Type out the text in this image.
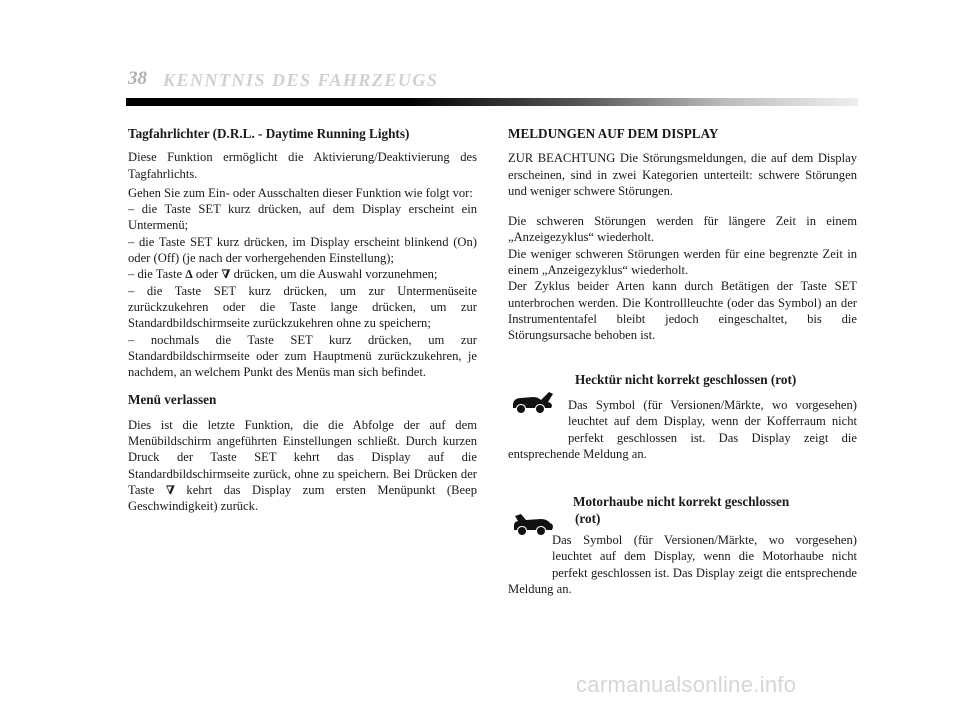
38 KENNTNIS DES FAHRZEUGS

Tagfahrlichter (D.R.L. - Daytime Running Lights)

Diese Funktion ermöglicht die Aktivierung/Deaktivierung des Tagfahrlichts.

Gehen Sie zum Ein- oder Ausschalten dieser Funktion wie folgt vor:

– die Taste SET kurz drücken, auf dem Display erscheint ein Untermenü;

– die Taste SET kurz drücken, im Display erscheint blinkend (On) oder (Off) (je nach der vorhergehenden Einstellung);

– die Taste ∆ oder ∇ drücken, um die Auswahl vorzunehmen;

– die Taste SET kurz drücken, um zur Untermenüseite zurückzukehren oder die Taste lange drücken, um zur Standardbildschirmseite zurückzukehren ohne zu speichern;

– nochmals die Taste SET kurz drücken, um zur Standardbildschirmseite oder zum Hauptmenü zurückzukehren, je nachdem, an welchem Punkt des Menüs man sich befindet.

Menü verlassen

Dies ist die letzte Funktion, die die Abfolge der auf dem Menübildschirm angeführten Einstellungen schließt. Durch kurzen Druck der Taste SET kehrt das Display auf die Standardbildschirmseite zurück, ohne zu speichern. Bei Drücken der Taste ∇ kehrt das Display zum ersten Menüpunkt (Beep Geschwindigkeit) zurück.

MELDUNGEN AUF DEM DISPLAY

ZUR BEACHTUNG Die Störungsmeldungen, die auf dem Display erscheinen, sind in zwei Kategorien unterteilt: schwere Störungen und weniger schwere Störungen.

Die schweren Störungen werden für längere Zeit in einem „Anzeigezyklus“ wiederholt.

Die weniger schweren Störungen werden für eine begrenzte Zeit in einem „Anzeigezyklus“ wiederholt.

Der Zyklus beider Arten kann durch Betätigen der Taste SET unterbrochen werden. Die Kontrollleuchte (oder das Symbol) an der Instrumententafel bleibt jedoch eingeschaltet, bis die Störungsursache behoben ist.

Hecktür nicht korrekt geschlossen (rot)
Das Symbol (für Versionen/Märkte, wo vorgesehen) leuchtet auf dem Display, wenn der Kofferraum nicht perfekt geschlossen ist. Das Display zeigt die entsprechende Meldung an.
Motorhaube nicht korrekt geschlossen
(rot)
Das Symbol (für Versionen/Märkte, wo vorgesehen) leuchtet auf dem Display, wenn die Motorhaube nicht perfekt geschlossen ist. Das Display zeigt die entsprechende Meldung an.
carmanualsonline.info
